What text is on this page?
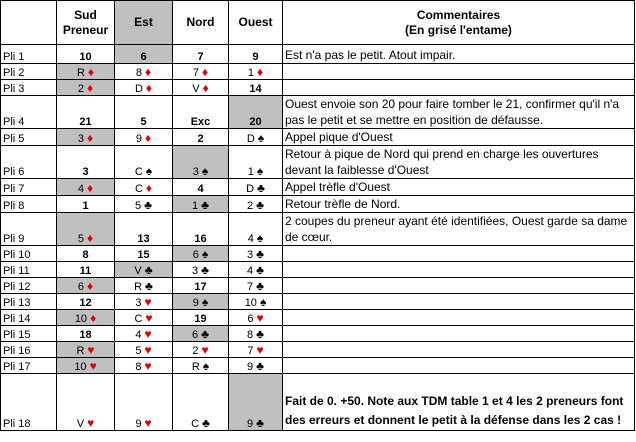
	Sud
Preneur	Est	Nord	Ouest	Commentaires
(En grisé l'entame)

Pli 1	10	6	7	9	Est n'a pas le petit. Atout impair.
Pli 2	R ♦	8 ♦	7 ♦	1 ♦	
Pli 3	2 ♦	D ♦	V ♦	14	
Pli 4	21	5	Exc	20	Ouest envoie son 20 pour faire tomber le 21, confirmer qu'il n'a pas le petit et se mettre en position de défausse.
Pli 5	3 ♦	9 ♦	2	D ♠	Appel pique d'Ouest
Pli 6	3	C ♠	3 ♠	1 ♠	Retour à pique de Nord qui prend en charge les ouvertures devant la faiblesse d'Ouest
Pli 7	4 ♦	C ♦	4	D ♣	Appel trèfle d'Ouest
Pli 8	1	5 ♣	1 ♣	2 ♣	Retour trèfle de Nord.
Pli 9	5 ♦	13	16	4 ♠	2 coupes du preneur ayant été identifiées, Ouest garde sa dame de cœur.
Pli 10	8	15	6 ♠	3 ♣	
Pli 11	11	V ♣	3 ♣	4 ♣	
Pli 12	6 ♦	R ♣	17	7 ♣	
Pli 13	12	3 ♥	9 ♠	10 ♠	
Pli 14	10 ♦	C ♥	19	6 ♥	
Pli 15	18	4 ♥	6 ♣	8 ♣	
Pli 16	R ♥	5 ♥	2 ♥	7 ♥	
Pli 17	10 ♥	8 ♥	R ♠	9 ♣	
Pli 18	V ♥	9 ♥	C ♣	9 ♣	Fait de 0. +50. Note aux TDM table 1 et 4 les 2 preneurs font des erreurs et donnent le petit à la défense dans les 2 cas !
